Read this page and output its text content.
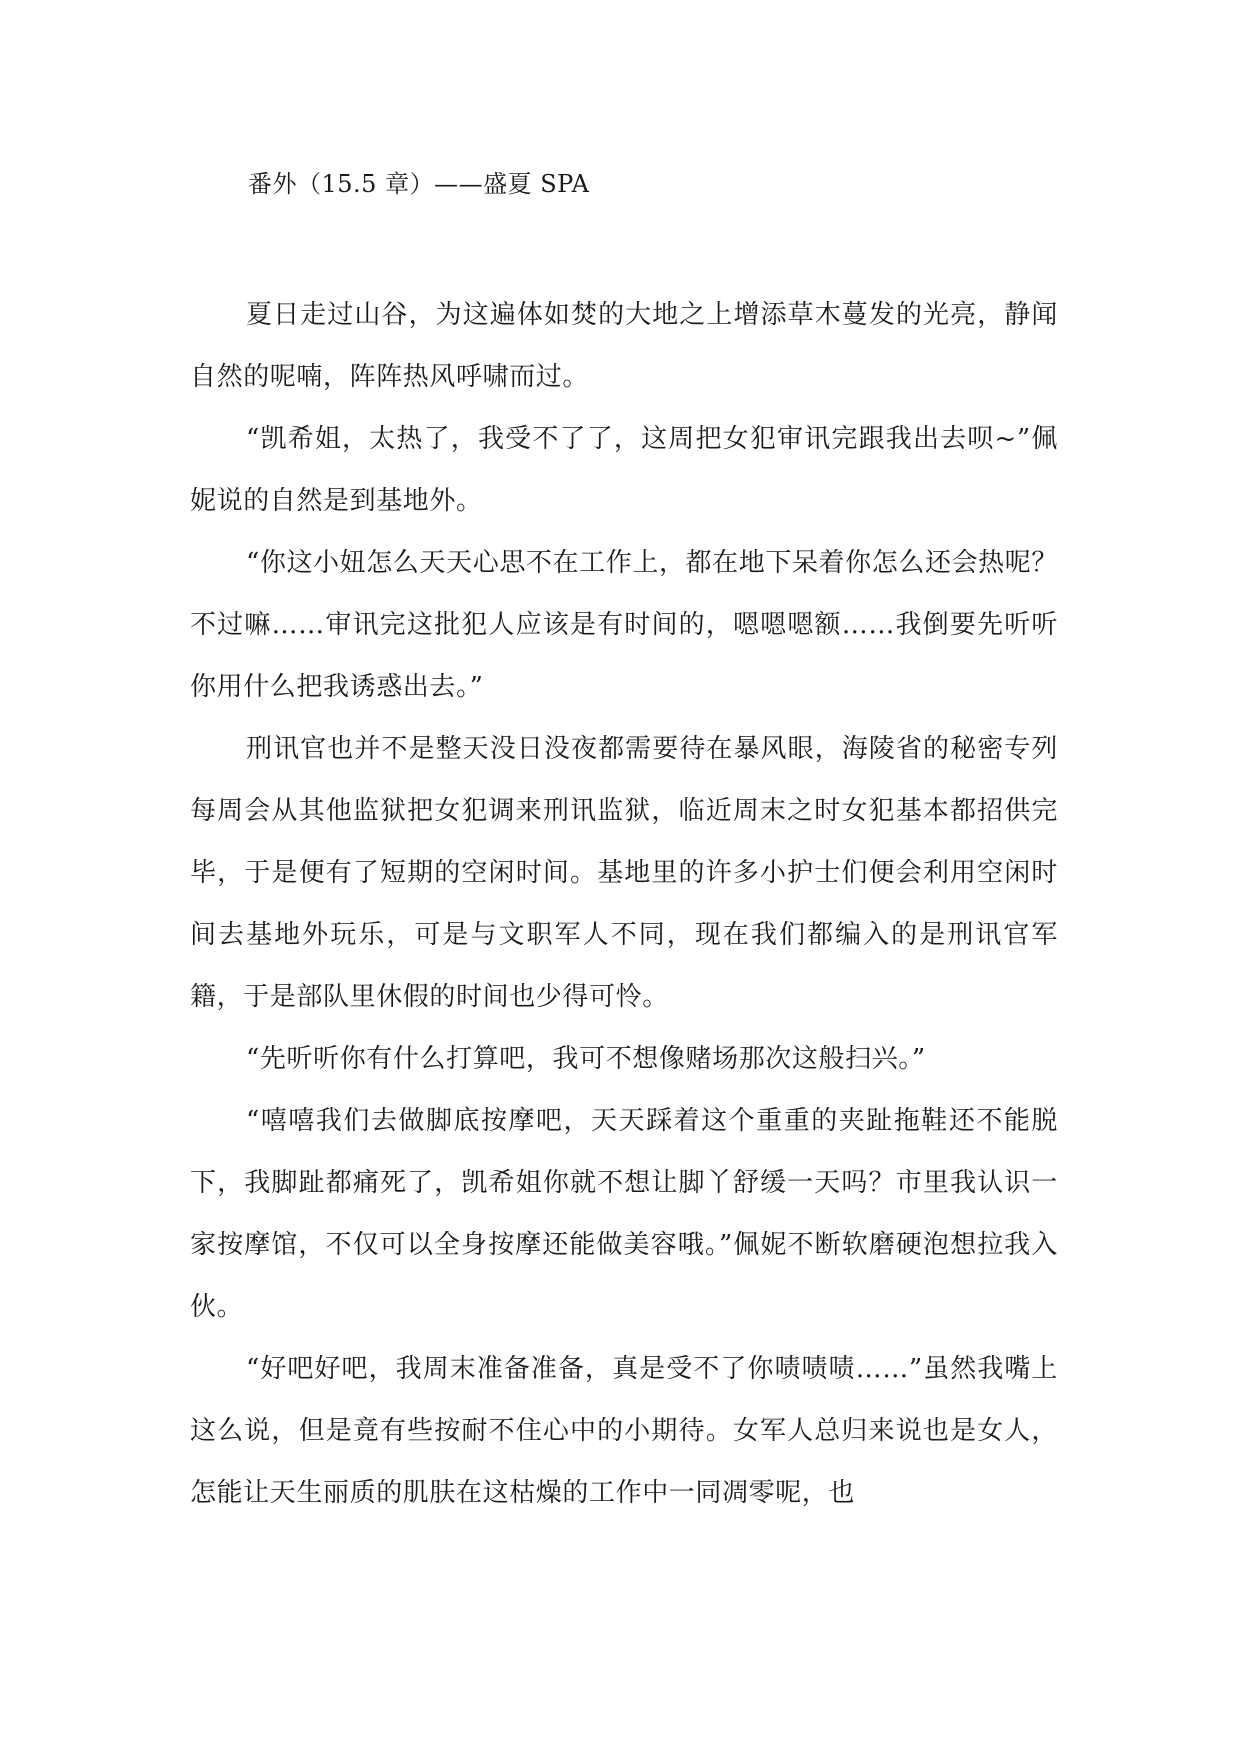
番外（15.5 章）——盛夏 SPA

夏日走过山谷，为这遍体如焚的大地之上增添草木蔓发的光亮，静闻自然的呢喃，阵阵热风呼啸而过。

“凯希姐，太热了，我受不了了，这周把女犯审讯完跟我出去呗~”佩妮说的自然是到基地外。

“你这小妞怎么天天心思不在工作上，都在地下呆着你怎么还会热呢？不过嘛……审讯完这批犯人应该是有时间的，嗯嗯嗯额……我倒要先听听你用什么把我诱惑出去。”

刑讯官也并不是整天没日没夜都需要待在暴风眼，海陵省的秘密专列每周会从其他监狱把女犯调来刑讯监狱，临近周末之时女犯基本都招供完毕，于是便有了短期的空闲时间。基地里的许多小护士们便会利用空闲时间去基地外玩乐，可是与文职军人不同，现在我们都编入的是刑讯官军籍，于是部队里休假的时间也少得可怜。

“先听听你有什么打算吧，我可不想像赌场那次这般扫兴。”

“嘻嘻我们去做脚底按摩吧，天天踩着这个重重的夹趾拖鞋还不能脱下，我脚趾都痛死了，凯希姐你就不想让脚丫舒缓一天吗？市里我认识一家按摩馆，不仅可以全身按摩还能做美容哦。”佩妮不断软磨硬泡想拉我入伙。

“好吧好吧，我周末准备准备，真是受不了你啧啧啧……”虽然我嘴上这么说，但是竟有些按耐不住心中的小期待。女军人总归来说也是女人，怎能让天生丽质的肌肤在这枯燥的工作中一同凋零呢，也
